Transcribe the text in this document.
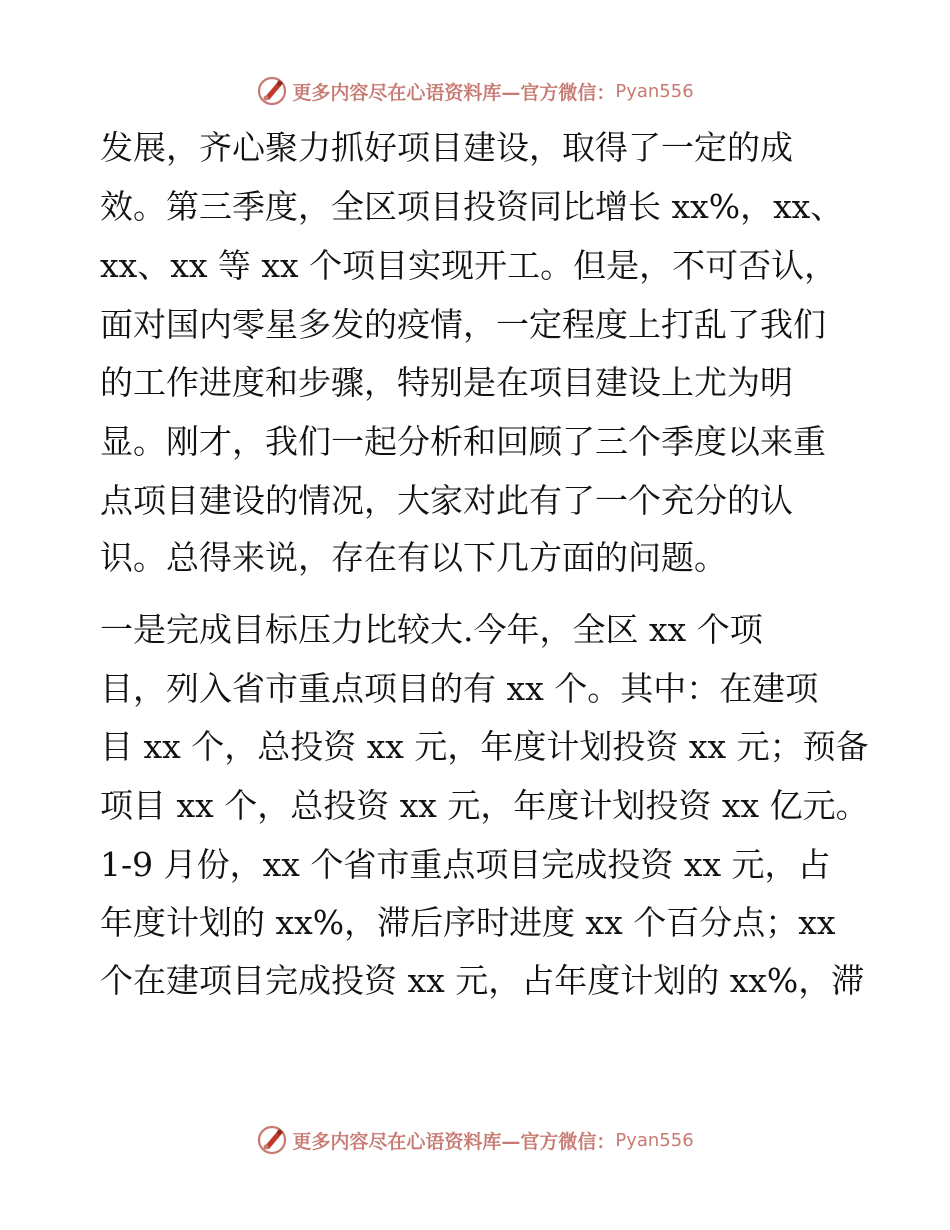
更多内容尽在心语资料库—官方微信： Pyan556
发展，齐心聚力抓好项目建设，取得了一定的成
效。第三季度，全区项目投资同比增长 xx%，xx、
xx、xx 等 xx 个项目实现开工。但是，不可否认，
面对国内零星多发的疫情，一定程度上打乱了我们
的工作进度和步骤，特别是在项目建设上尤为明
显。刚才，我们一起分析和回顾了三个季度以来重
点项目建设的情况，大家对此有了一个充分的认
识。总得来说，存在有以下几方面的问题。
一是完成目标压力比较大.今年，全区 xx 个项
目，列入省市重点项目的有 xx 个。其中：在建项
目 xx 个，总投资 xx 元，年度计划投资 xx 元；预备
项目 xx 个，总投资 xx 元，年度计划投资 xx 亿元。
1-9 月份，xx 个省市重点项目完成投资 xx 元，占
年度计划的 xx%，滞后序时进度 xx 个百分点；xx
个在建项目完成投资 xx 元，占年度计划的 xx%，滞
更多内容尽在心语资料库—官方微信： Pyan556
